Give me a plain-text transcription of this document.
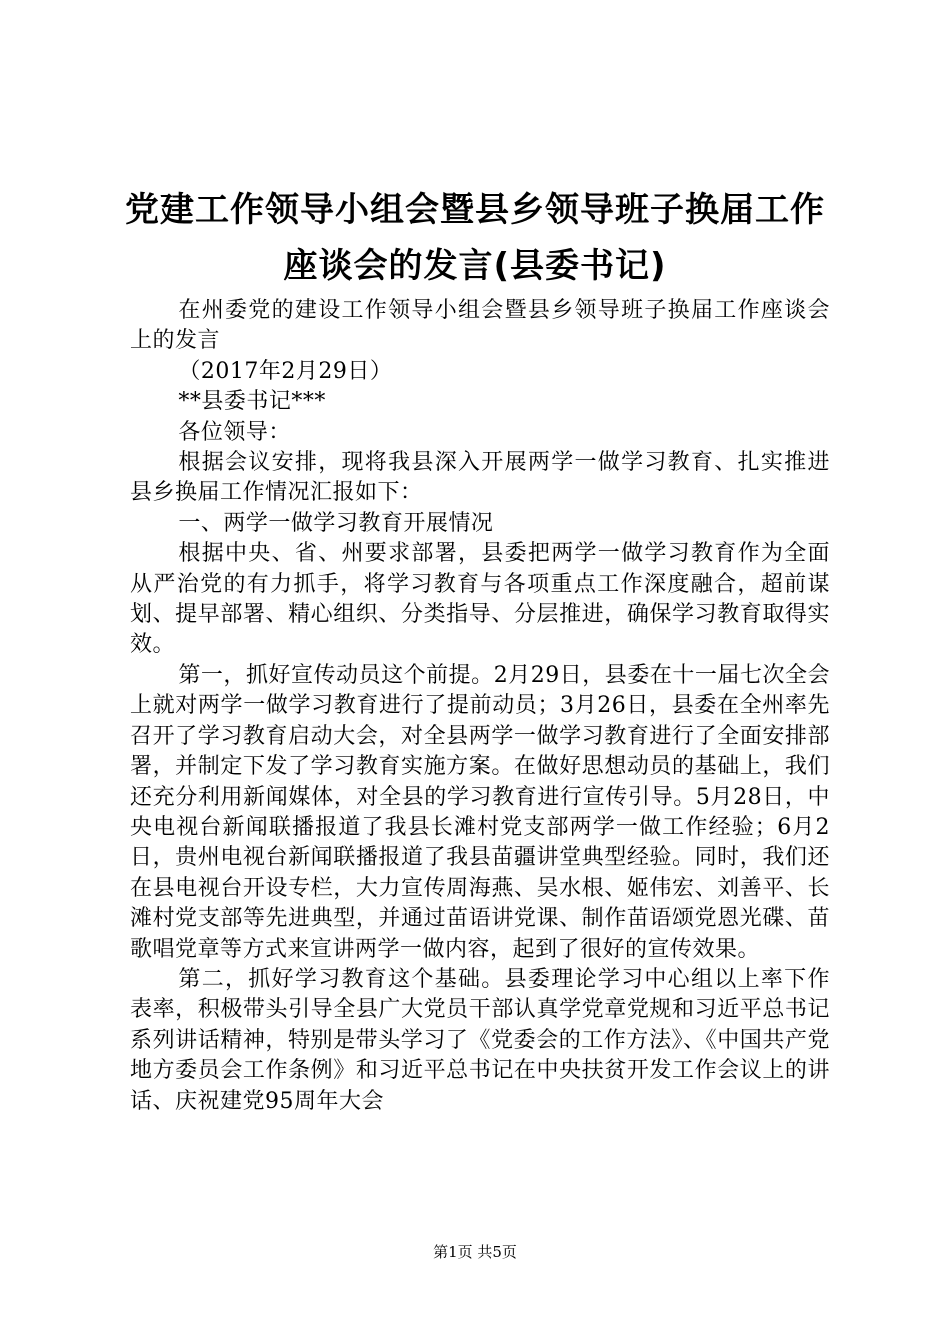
党建工作领导小组会暨县乡领导班子换届工作
座谈会的发言(县委书记)

在州委党的建设工作领导小组会暨县乡领导班子换届工作座谈会上的发言

（2017年2月29日）

**县委书记***

各位领导：

根据会议安排，现将我县深入开展两学一做学习教育、扎实推进县乡换届工作情况汇报如下：

一、两学一做学习教育开展情况

根据中央、省、州要求部署，县委把两学一做学习教育作为全面从严治党的有力抓手，将学习教育与各项重点工作深度融合，超前谋划、提早部署、精心组织、分类指导、分层推进，确保学习教育取得实效。

第一，抓好宣传动员这个前提。2月29日，县委在十一届七次全会上就对两学一做学习教育进行了提前动员；3月26日，县委在全州率先召开了学习教育启动大会，对全县两学一做学习教育进行了全面安排部署，并制定下发了学习教育实施方案。在做好思想动员的基础上，我们还充分利用新闻媒体，对全县的学习教育进行宣传引导。5月28日，中央电视台新闻联播报道了我县长滩村党支部两学一做工作经验；6月2日，贵州电视台新闻联播报道了我县苗疆讲堂典型经验。同时，我们还在县电视台开设专栏，大力宣传周海燕、吴水根、姬伟宏、刘善平、长滩村党支部等先进典型，并通过苗语讲党课、制作苗语颂党恩光碟、苗歌唱党章等方式来宣讲两学一做内容，起到了很好的宣传效果。

第二，抓好学习教育这个基础。县委理论学习中心组以上率下作表率，积极带头引导全县广大党员干部认真学党章党规和习近平总书记系列讲话精神，特别是带头学习了《党委会的工作方法》、《中国共产党地方委员会工作条例》和习近平总书记在中央扶贫开发工作会议上的讲话、庆祝建党95周年大会

第1页 共5页
